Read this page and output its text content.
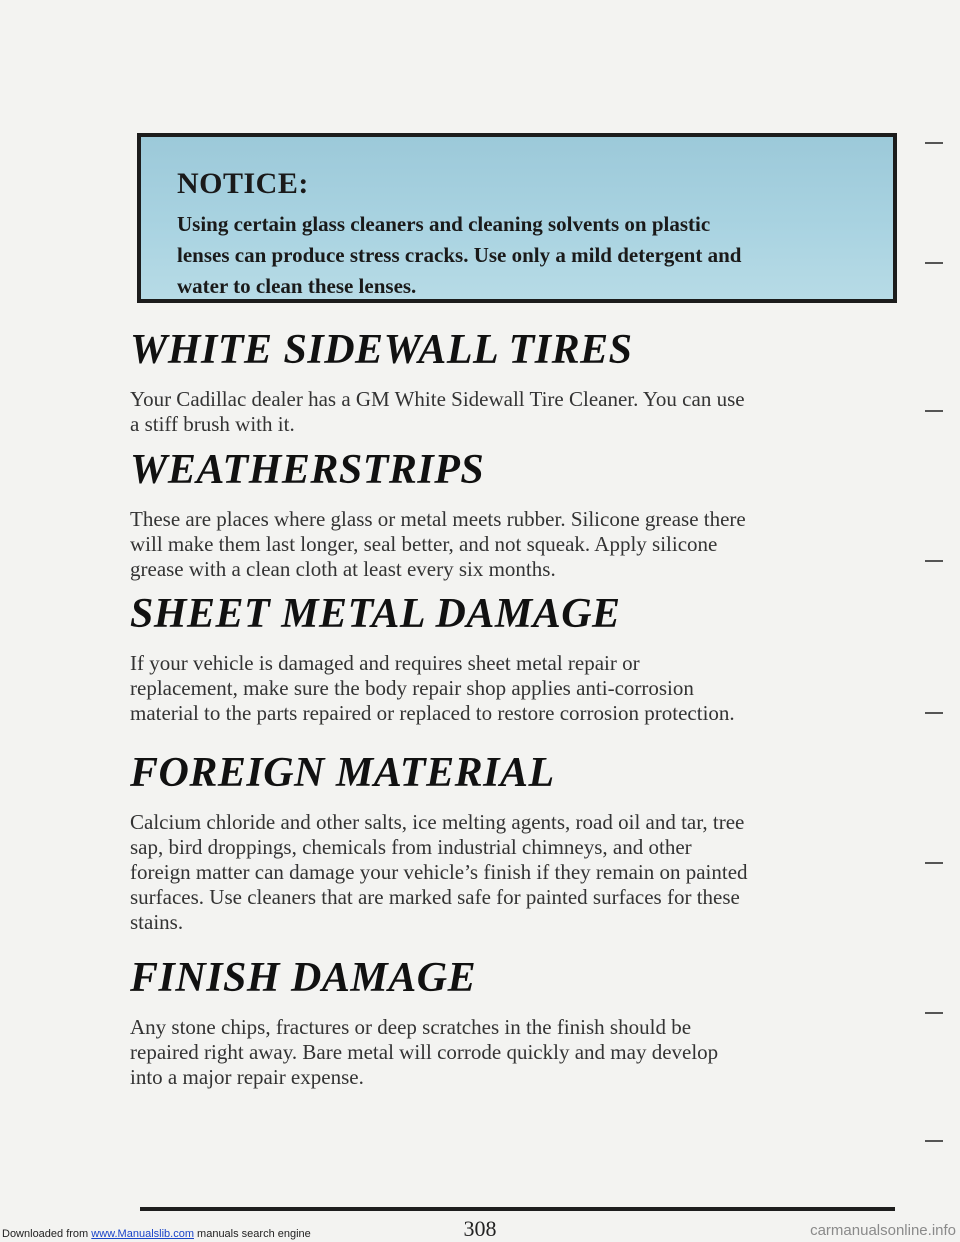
NOTICE:
Using certain glass cleaners and cleaning solvents on plastic
lenses can produce stress cracks. Use only a mild detergent and
water to clean these lenses.
WHITE SIDEWALL TIRES

Your Cadillac dealer has a GM White Sidewall Tire Cleaner. You can use
a stiff brush with it.

WEATHERSTRIPS

These are places where glass or metal meets rubber. Silicone grease there
will make them last longer, seal better, and not squeak. Apply silicone
grease with a clean cloth at least every six months.

SHEET METAL DAMAGE

If your vehicle is damaged and requires sheet metal repair or
replacement, make sure the body repair shop applies anti-corrosion
material to the parts repaired or replaced to restore corrosion protection.

FOREIGN MATERIAL

Calcium chloride and other salts, ice melting agents, road oil and tar, tree
sap, bird droppings, chemicals from industrial chimneys, and other
foreign matter can damage your vehicle’s finish if they remain on painted
surfaces. Use cleaners that are marked safe for painted surfaces for these
stains.

FINISH DAMAGE

Any stone chips, fractures or deep scratches in the finish should be
repaired right away. Bare metal will corrode quickly and may develop
into a major repair expense.

308
Downloaded from www.Manualslib.com manuals search engine	carmanualsonline.info
